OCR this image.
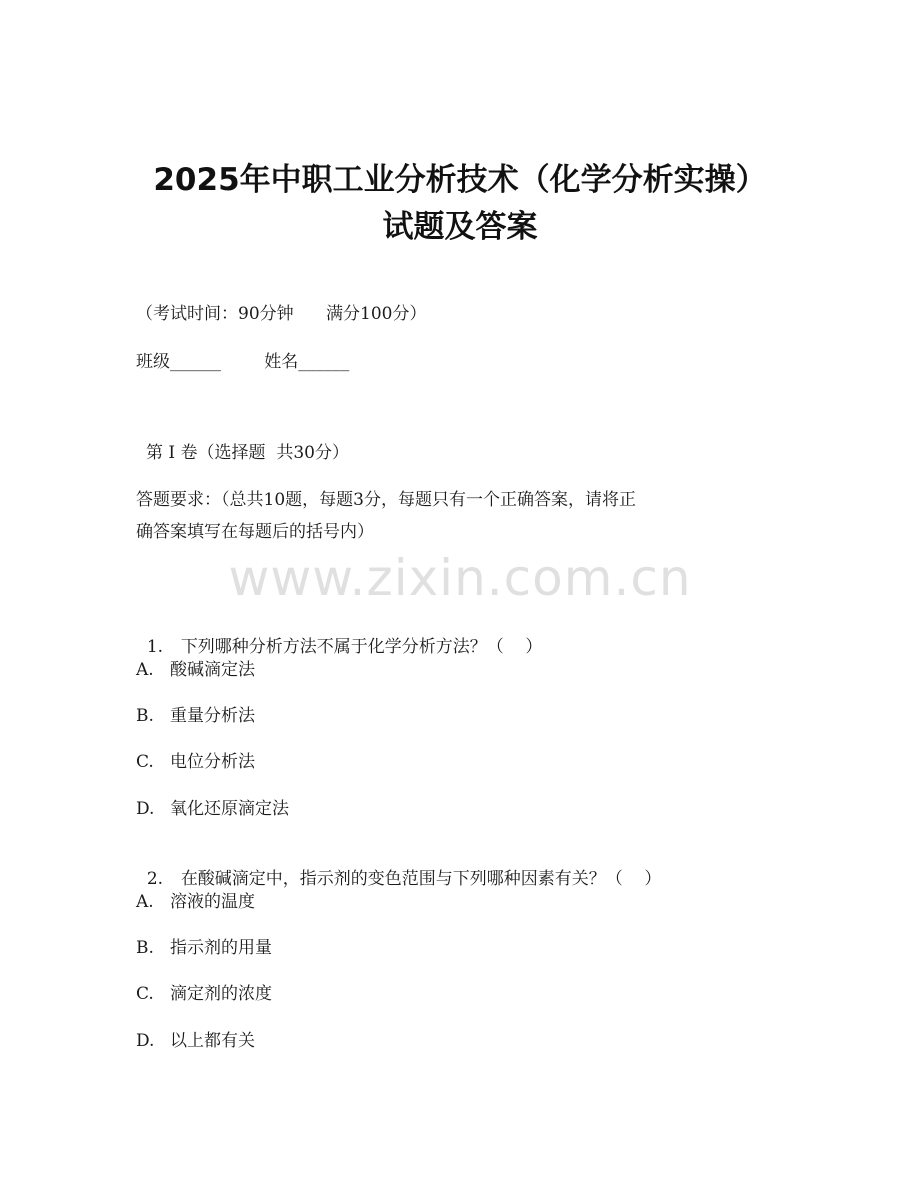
2025年中职工业分析技术（化学分析实操）
试题及答案
（考试时间：90分钟      满分100分）
班级______        姓名______
第 I 卷（选择题  共30分）
答题要求：（总共10题，每题3分，每题只有一个正确答案，请将正
确答案填写在每题后的括号内）
www.zixin.com.cn

1. 下列哪种分析方法不属于化学分析方法？（    ）

A. 酸碱滴定法
B. 重量分析法
C. 电位分析法
D. 氧化还原滴定法

2. 在酸碱滴定中，指示剂的变色范围与下列哪种因素有关？（    ）

A. 溶液的温度
B. 指示剂的用量
C. 滴定剂的浓度
D. 以上都有关
